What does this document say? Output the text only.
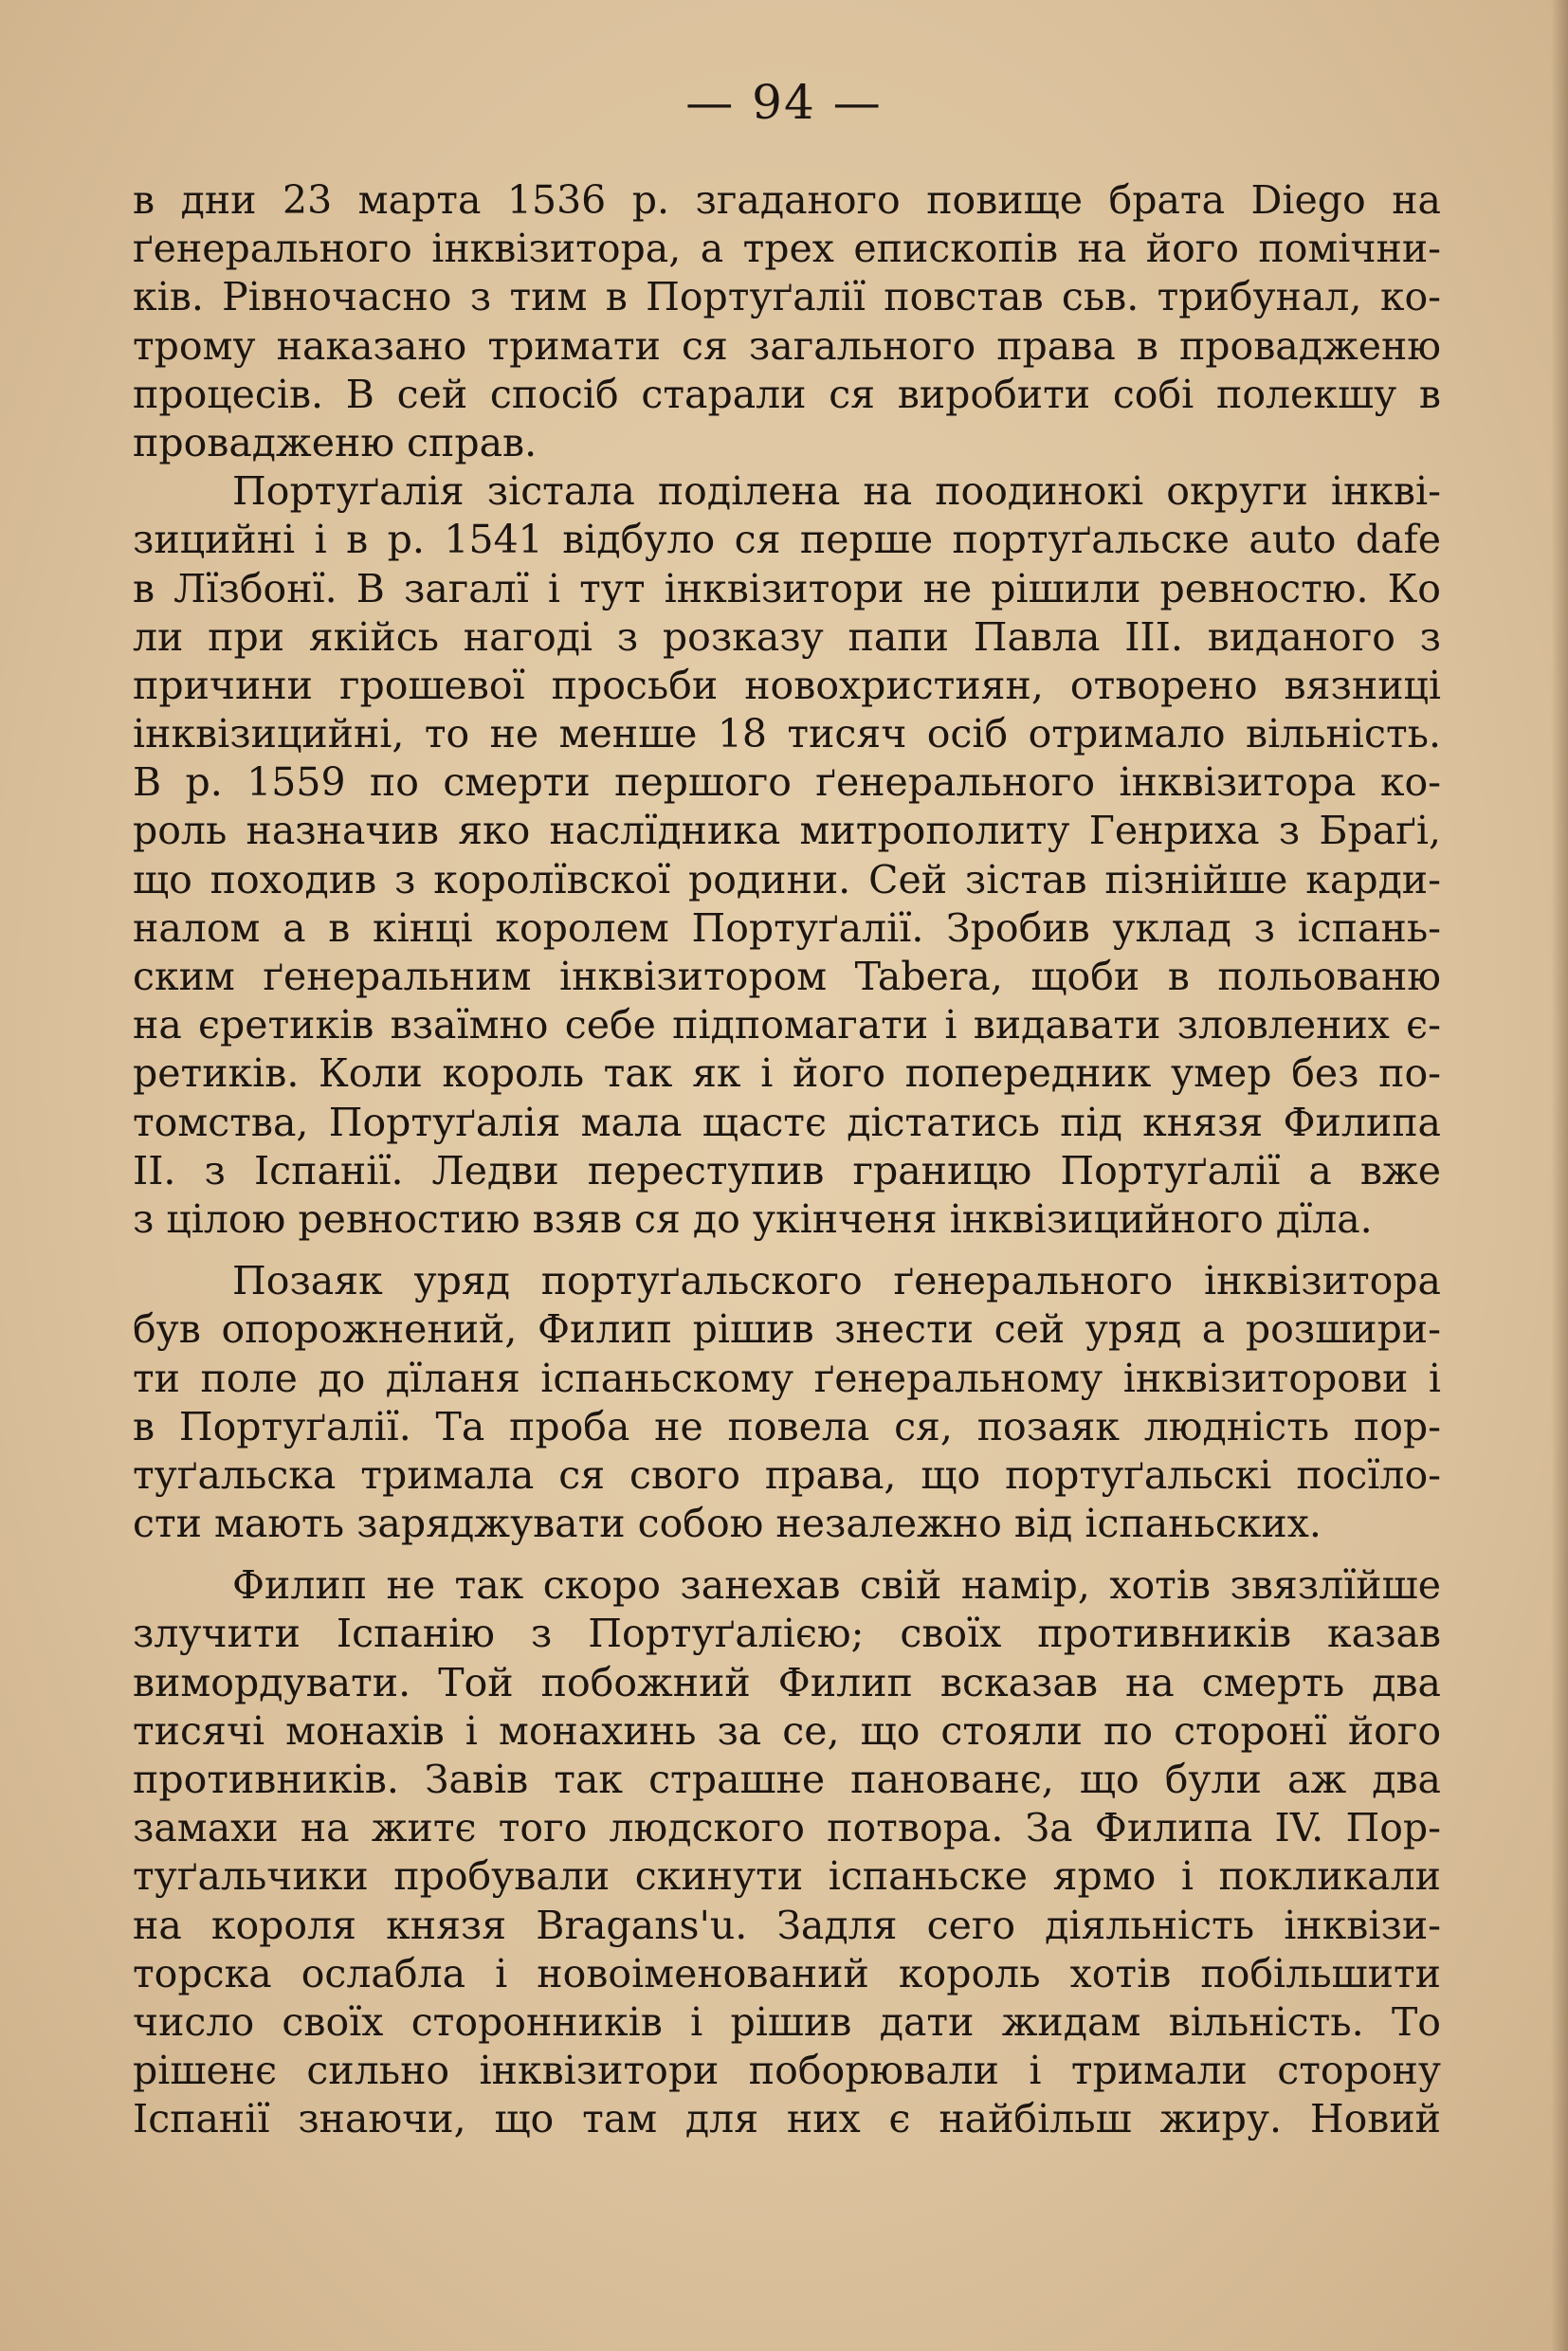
— 94 —
в дни 23 марта 1536 р. згаданого повище брата Diego на
ґенерального інквізитора, а трех епископів на його помічни-
ків. Рівночасно з тим в Портуґалії повстав сьв. трибунал, ко-
трому наказано тримати ся загального права в провадженю
процесів. В сей спосіб старали ся виробити собі полекшу в
провадженю справ.
Портуґалія зістала поділена на поодинокі округи інкві-
зицийні і в р. 1541 відбуло ся перше портуґальске auto dafe
в Лїзбонї. В загалї і тут інквізитори не рішили ревностю. Ко
ли при якійсь нагоді з розказу папи Павла III. виданого з
причини грошевої просьби новохристиян, отворено вязниці
інквізицийні, то не менше 18 тисяч осіб отримало вільність.
В р. 1559 по смерти першого ґенерального інквізитора ко-
роль назначив яко наслїдника митрополиту Генриха з Браґі,
що походив з королївскої родини. Сей зістав пізнійше карди-
налом а в кінці королем Портуґалії. Зробив уклад з іспань-
ским ґенеральним інквізитором Tabera, щоби в польованю
на єретиків взаїмно себе підпомагати і видавати зловлених є-
ретиків. Коли король так як і його попередник умер без по-
томства, Портуґалія мала щастє дістатись під князя Филипа
II. з Іспанії. Ледви переступив границю Портуґалії а вже
з цілою ревностию взяв ся до укінченя інквізицийного дїла.
Позаяк уряд портуґальского ґенерального інквізитора
був опорожнений, Филип рішив знести сей уряд а розшири-
ти поле до дїланя іспаньскому ґенеральному інквізиторови і
в Портуґалії. Та проба не повела ся, позаяк людність пор-
туґальска тримала ся свого права, що портуґальскі посїло-
сти мають заряджувати собою незалежно від іспаньских.
Филип не так скоро занехав свій намір, хотів звязлїйше
злучити Іспанію з Портуґалією; своїх противників казав
вимордувати. Той побожний Филип всказав на смерть два
тисячі монахів і монахинь за се, що стояли по сторонї його
противників. Завів так страшне панованє, що були аж два
замахи на житє того людского потвора. За Филипа IV. Пор-
туґальчики пробували скинути іспаньске ярмо і покликали
на короля князя Bragans'u. Задля сего діяльність інквізи-
торска ослабла і новоіменований король хотів побільшити
число своїх сторонників і рішив дати жидам вільність. То
рішенє сильно інквізитори поборювали і тримали сторону
Іспанії знаючи, що там для них є найбільш жиру. Новий
